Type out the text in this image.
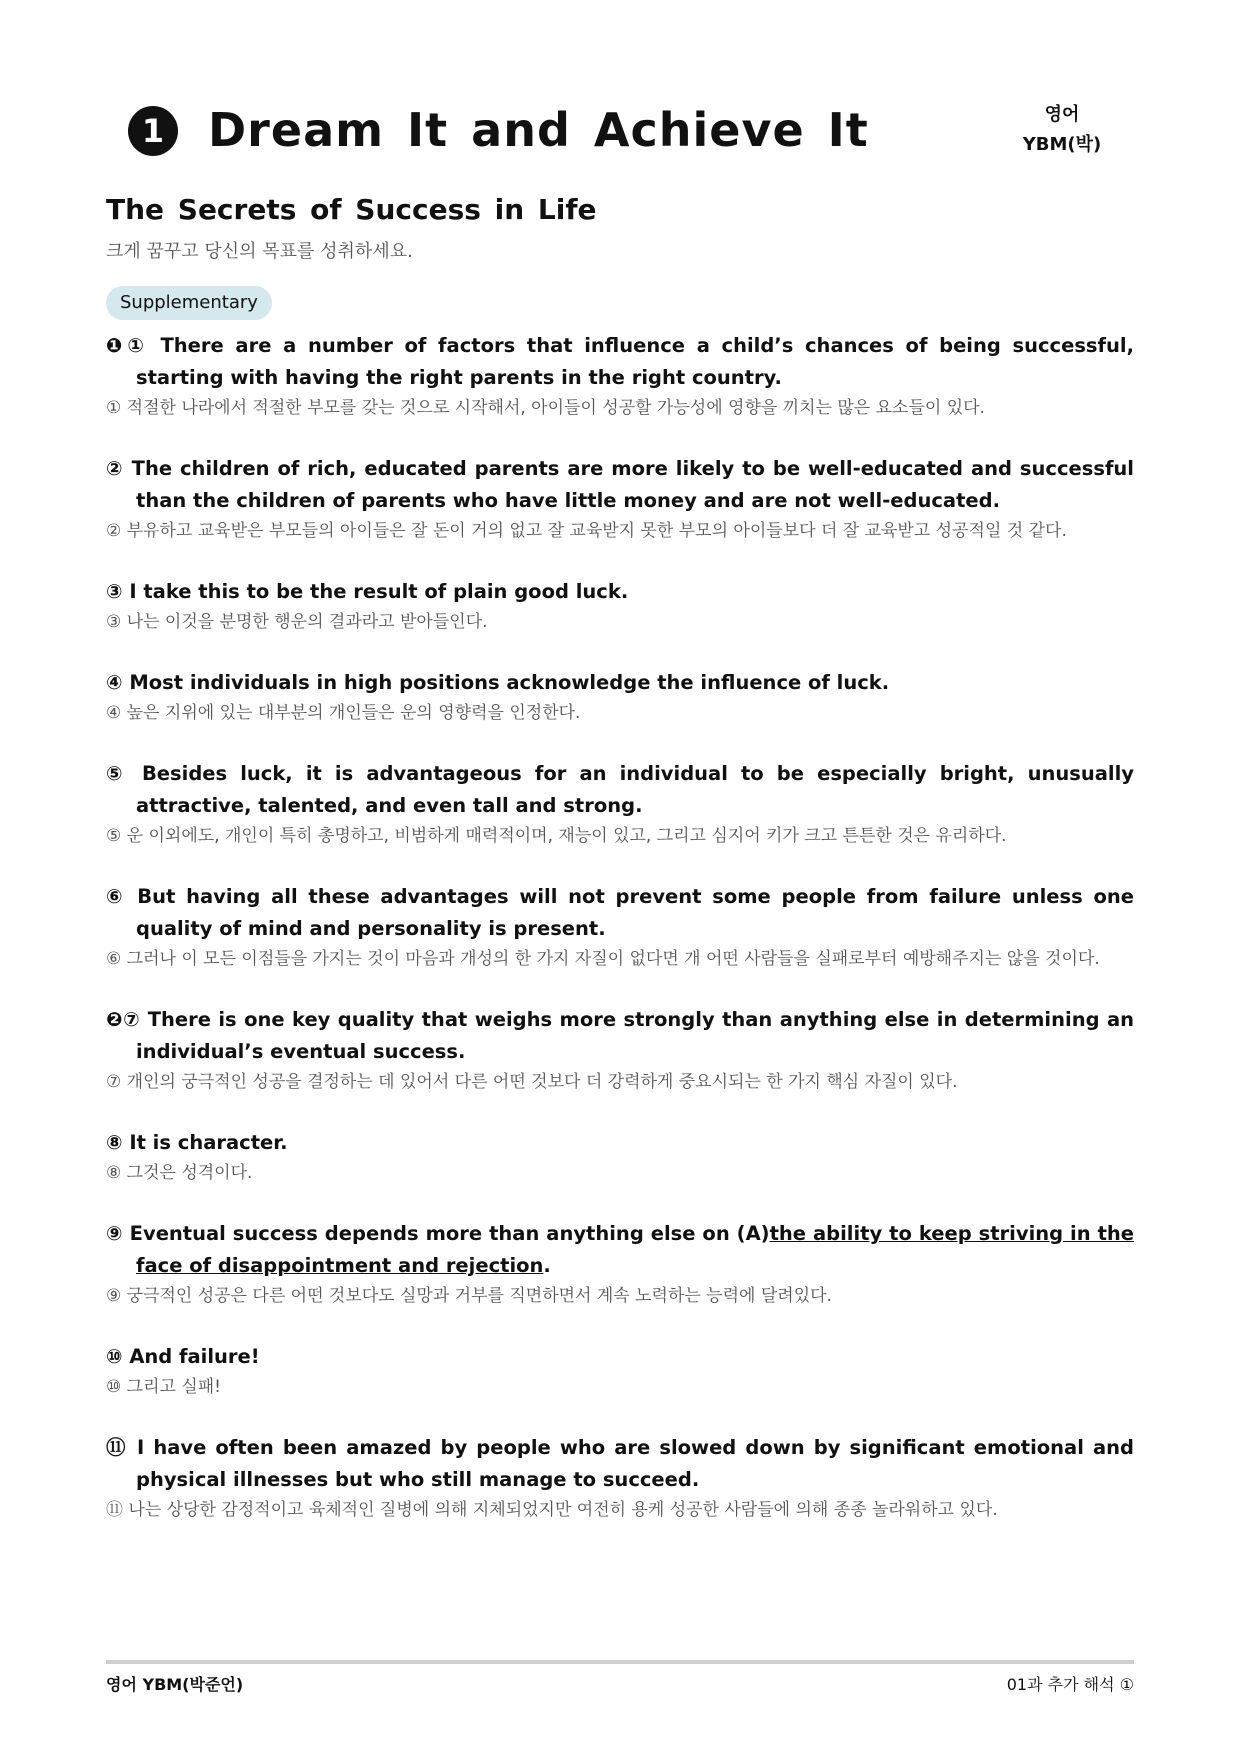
1 Dream It and Achieve It	영어
YBM(박)
The Secrets of Success in Life
크게 꿈꾸고 당신의 목표를 성취하세요.
Supplementary

❶① There are a number of factors that influence a child’s chances of being successful, starting with having the right parents in the right country.

① 적절한 나라에서 적절한 부모를 갖는 것으로 시작해서, 아이들이 성공할 가능성에 영향을 끼치는 많은 요소들이 있다.

② The children of rich, educated parents are more likely to be well-educated and successful than the children of parents who have little money and are not well-educated.

② 부유하고 교육받은 부모들의 아이들은 잘 돈이 거의 없고 잘 교육받지 못한 부모의 아이들보다 더 잘 교육받고 성공적일 것 같다.

③ I take this to be the result of plain good luck.

③ 나는 이것을 분명한 행운의 결과라고 받아들인다.

④ Most individuals in high positions acknowledge the influence of luck.

④ 높은 지위에 있는 대부분의 개인들은 운의 영향력을 인정한다.

⑤ Besides luck, it is advantageous for an individual to be especially bright, unusually attractive, talented, and even tall and strong.

⑤ 운 이외에도, 개인이 특히 총명하고, 비범하게 매력적이며, 재능이 있고, 그리고 심지어 키가 크고 튼튼한 것은 유리하다.

⑥ But having all these advantages will not prevent some people from failure unless one quality of mind and personality is present.

⑥ 그러나 이 모든 이점들을 가지는 것이 마음과 개성의 한 가지 자질이 없다면 개 어떤 사람들을 실패로부터 예방해주지는 않을 것이다.

❷⑦ There is one key quality that weighs more strongly than anything else in determining an individual’s eventual success.

⑦ 개인의 궁극적인 성공을 결정하는 데 있어서 다른 어떤 것보다 더 강력하게 중요시되는 한 가지 핵심 자질이 있다.

⑧ It is character.

⑧ 그것은 성격이다.

⑨ Eventual success depends more than anything else on (A)the ability to keep striving in the face of disappointment and rejection.

⑨ 궁극적인 성공은 다른 어떤 것보다도 실망과 거부를 직면하면서 계속 노력하는 능력에 달려있다.

⑩ And failure!

⑩ 그리고 실패!

⑪ I have often been amazed by people who are slowed down by significant emotional and physical illnesses but who still manage to succeed.

⑪ 나는 상당한 감정적이고 육체적인 질병에 의해 지체되었지만 여전히 용케 성공한 사람들에 의해 종종 놀라워하고 있다.

영어 YBM(박준언)	01과 추가 해석 ①
